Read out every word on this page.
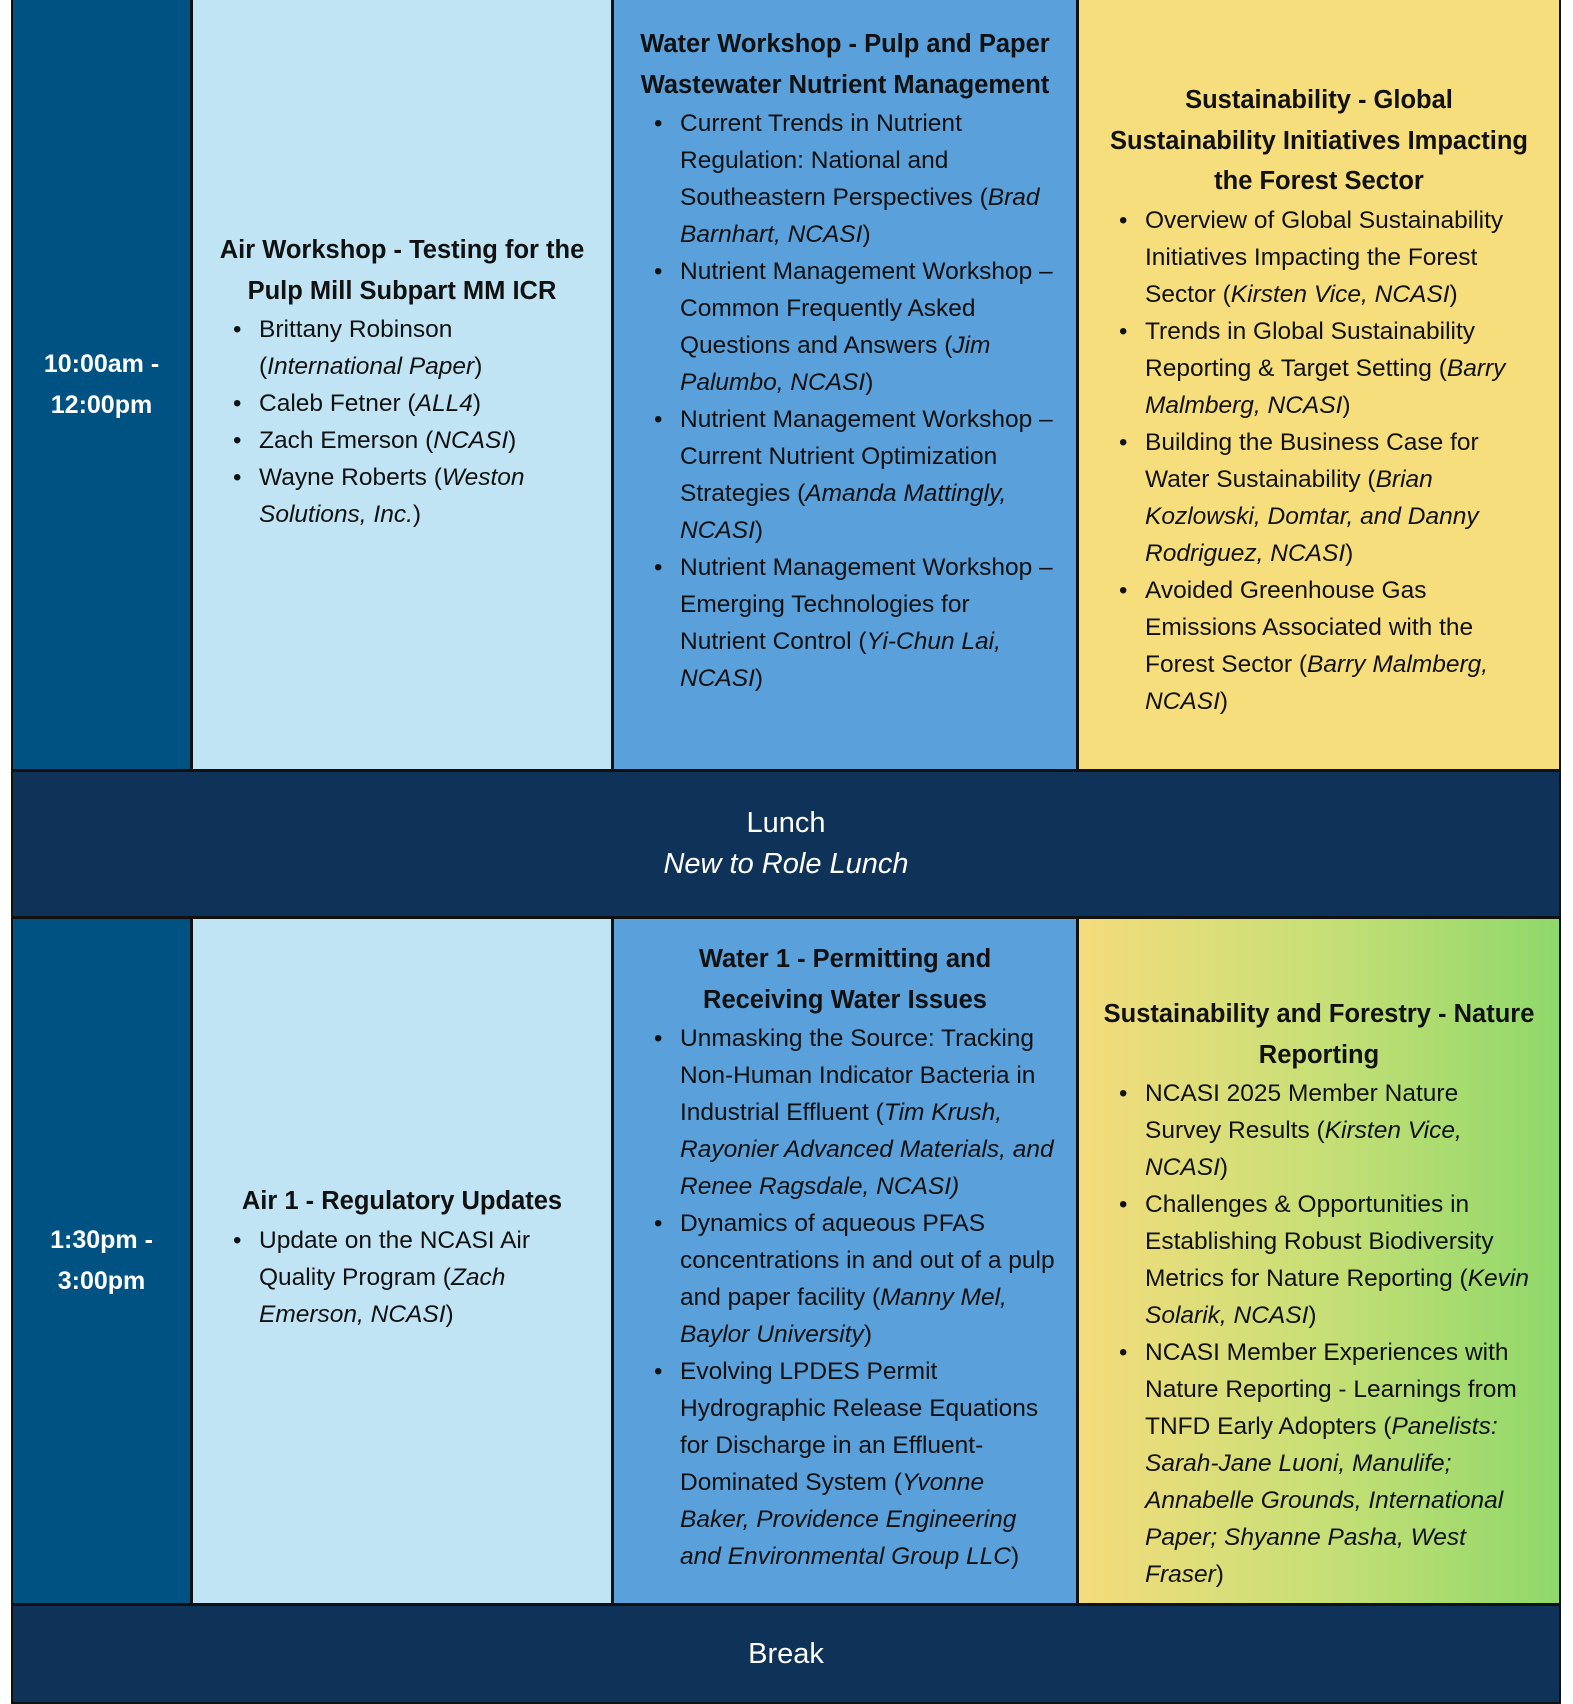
10:00am -
12:00pm
Air Workshop - Testing for the Pulp Mill Subpart MM ICR
• Brittany Robinson (International Paper)
• Caleb Fetner (ALL4)
• Zach Emerson (NCASI)
• Wayne Roberts (Weston Solutions, Inc.)
Water Workshop - Pulp and Paper Wastewater Nutrient Management
• Current Trends in Nutrient Regulation: National and Southeastern Perspectives (Brad Barnhart, NCASI)
• Nutrient Management Workshop – Common Frequently Asked Questions and Answers (Jim Palumbo, NCASI)
• Nutrient Management Workshop – Current Nutrient Optimization Strategies (Amanda Mattingly, NCASI)
• Nutrient Management Workshop – Emerging Technologies for Nutrient Control (Yi-Chun Lai, NCASI)
Sustainability - Global Sustainability Initiatives Impacting the Forest Sector
• Overview of Global Sustainability Initiatives Impacting the Forest Sector (Kirsten Vice, NCASI)
• Trends in Global Sustainability Reporting & Target Setting (Barry Malmberg, NCASI)
• Building the Business Case for Water Sustainability (Brian Kozlowski, Domtar, and Danny Rodriguez, NCASI)
• Avoided Greenhouse Gas Emissions Associated with the Forest Sector (Barry Malmberg, NCASI)
Lunch
New to Role Lunch
1:30pm -
3:00pm
Air 1 - Regulatory Updates
• Update on the NCASI Air Quality Program (Zach Emerson, NCASI)
Water 1 - Permitting and Receiving Water Issues
• Unmasking the Source: Tracking Non-Human Indicator Bacteria in Industrial Effluent (Tim Krush, Rayonier Advanced Materials, and Renee Ragsdale, NCASI)
• Dynamics of aqueous PFAS concentrations in and out of a pulp and paper facility (Manny Mel, Baylor University)
• Evolving LPDES Permit Hydrographic Release Equations for Discharge in an Effluent-Dominated System (Yvonne Baker, Providence Engineering and Environmental Group LLC)
Sustainability and Forestry - Nature Reporting
• NCASI 2025 Member Nature Survey Results (Kirsten Vice, NCASI)
• Challenges & Opportunities in Establishing Robust Biodiversity Metrics for Nature Reporting (Kevin Solarik, NCASI)
• NCASI Member Experiences with Nature Reporting - Learnings from TNFD Early Adopters (Panelists: Sarah-Jane Luoni, Manulife; Annabelle Grounds, International Paper; Shyanne Pasha, West Fraser)
Break
